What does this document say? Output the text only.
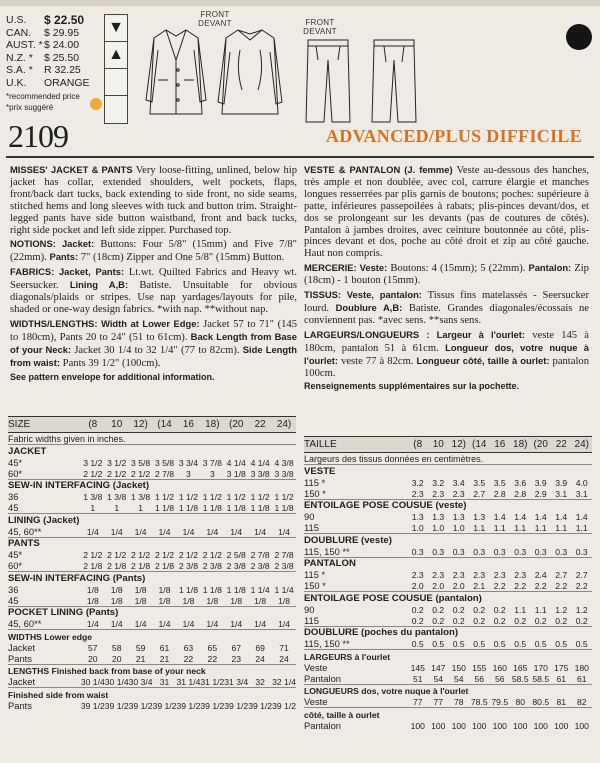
U.S.	$ 22.50
CAN.	$ 29.95
AUST. * $ 24.00
N.Z. *	$ 25.50
S.A. *	R 32.25
U.K.	ORANGE
*recommended price
*prix suggéré
▼
▲
FRONT
DEVANT	FRONT
DEVANT
2109	ADVANCED/PLUS DIFFICILE
MISSES' JACKET & PANTS Very loose-fitting, unlined, below hip jacket has collar, extended shoulders, welt pockets, flaps, front/back dart tucks, back extending to side front, no side seams, stitched hems and long sleeves with tuck and button trim. Straight-legged pants have side button waistband, front and back tucks, right side pocket and left side zipper. Purchased top.
NOTIONS: Jacket: Buttons: Four 5/8" (15mm) and Five 7/8" (22mm). Pants: 7" (18cm) Zipper and One 5/8" (15mm) Button.
FABRICS: Jacket, Pants: Lt.wt. Quilted Fabrics and Heavy wt. Seersucker. Lining A,B: Batiste. Unsuitable for obvious diagonals/plaids or stripes. Use nap yardages/layouts for pile, shaded or one-way design fabrics. *with nap. **without nap.
WIDTHS/LENGTHS: Width at Lower Edge: Jacket 57 to 71" (145 to 180cm), Pants 20 to 24" (51 to 61cm). Back Length from Base of your Neck: Jacket 30 1/4 to 32 1/4" (77 to 82cm). Side Length from waist: Pants 39 1/2" (100cm).
See pattern envelope for additional information.
VESTE & PANTALON (J. femme) Veste au-dessous des hanches, très ample et non doublée, avec col, carrure élargie et manches longues resserrées par plis garnis de boutons; poches: supérieure à patte, inférieures passepoilées à rabats; plis-pinces devant/dos, et dos se prolongeant sur les devants (pas de coutures de côtés). Pantalon à jambes droites, avec ceinture boutonnée au côté, plis-pinces devant et dos, poche au côté droit et zip au côté gauche. Haut non compris.
MERCERIE: Veste: Boutons: 4 (15mm); 5 (22mm). Pantalon: Zip (18cm) - 1 bouton (15mm).
TISSUS: Veste, pantalon: Tissus fins matelassés - Seersucker lourd. Doublure A,B: Batiste. Grandes diagonales/écossais ne conviennent pas. *avec sens. **sans sens.
LARGEURS/LONGUEURS : Largeur à l'ourlet: veste 145 à 180cm, pantalon 51 à 61cm. Longueur dos, votre nuque à l'ourlet: veste 77 à 82cm. Longueur côté, taille à ourlet: pantalon 100cm.
Renseignements supplémentaires sur la pochette.
SIZE	(8	10	12)	(14	16	18)	(20	22	24)
Fabric widths given in inches.									
JACKET									
45*	3 1/2	3 1/2	3 5/8	3 5/8	3 3/4	3 7/8	4 1/4	4 1/4	4 3/8
60*	2 1/2	2 1/2	2 1/2	2 7/8	3	3	3 1/8	3 3/8	3 3/8
SEW-IN INTERFACING (Jacket)									
36	1 3/8	1 3/8	1 3/8	1 1/2	1 1/2	1 1/2	1 1/2	1 1/2	1 1/2
45	1	1	1	1 1/8	1 1/8	1 1/8	1 1/8	1 1/8	1 1/8
LINING (Jacket)									
45, 60**	1/4	1/4	1/4	1/4	1/4	1/4	1/4	1/4	1/4
PANTS									
45*	2 1/2	2 1/2	2 1/2	2 1/2	2 1/2	2 1/2	2 5/8	2 7/8	2 7/8
60*	2 1/8	2 1/8	2 1/8	2 1/8	2 3/8	2 3/8	2 3/8	2 3/8	2 3/8
SEW-IN INTERFACING (Pants)									
36	1/8	1/8	1/8	1/8	1 1/8	1 1/8	1 1/8	1 1/4	1 1/4
45	1/8	1/8	1/8	1/8	1/8	1/8	1/8	1/8	1/8
POCKET LINING (Pants)									
45, 60**	1/4	1/4	1/4	1/4	1/4	1/4	1/4	1/4	1/4
WIDTHS Lower edge									
Jacket	57	58	59	61	63	65	67	69	71
Pants	20	20	21	21	22	22	23	24	24
LENGTHS Finished back from base of your neck									
Jacket	30 1/4	30 1/4	30 3/4	31	31 1/4	31 1/2	31 3/4	32	32 1/4
Finished side from waist									
Pants	39 1/2	39 1/2	39 1/2	39 1/2	39 1/2	39 1/2	39 1/2	39 1/2	39 1/2
TAILLE	(8	10	12)	(14	16	18)	(20	22	24)
Largeurs des tissus données en centimètres.									
VESTE									
115 *	3.2	3.2	3.4	3.5	3.5	3.6	3.9	3.9	4.0
150 *	2.3	2.3	2.3	2.7	2.8	2.8	2.9	3.1	3.1
ENTOILAGE POSE COUSUE (veste)									
90	1.3	1.3	1.3	1.3	1.4	1.4	1.4	1.4	1.4
115	1.0	1.0	1.0	1.1	1.1	1.1	1.1	1.1	1.1
DOUBLURE (veste)									
115, 150 **	0.3	0.3	0.3	0.3	0.3	0.3	0.3	0.3	0.3
PANTALON									
115 *	2.3	2.3	2.3	2.3	2.3	2.3	2.4	2.7	2.7
150 *	2.0	2.0	2.0	2.1	2.2	2.2	2.2	2.2	2.2
ENTOILAGE POSE COUSUE (pantalon)									
90	0.2	0.2	0.2	0.2	0.2	1.1	1.1	1.2	1.2
115	0.2	0.2	0.2	0.2	0.2	0.2	0.2	0.2	0.2
DOUBLURE (poches du pantalon)									
115, 150 **	0.5	0.5	0.5	0.5	0.5	0.5	0.5	0.5	0.5
LARGEURS à l'ourlet									
Veste	145	147	150	155	160	165	170	175	180
Pantalon	51	54	54	56	56	58.5	58.5	61	61
LONGUEURS dos, votre nuque à l'ourlet									
Veste	77	77	78	78.5	79.5	80	80.5	81	82
côté, taille à ourlet									
Pantalon	100	100	100	100	100	100	100	100	100
